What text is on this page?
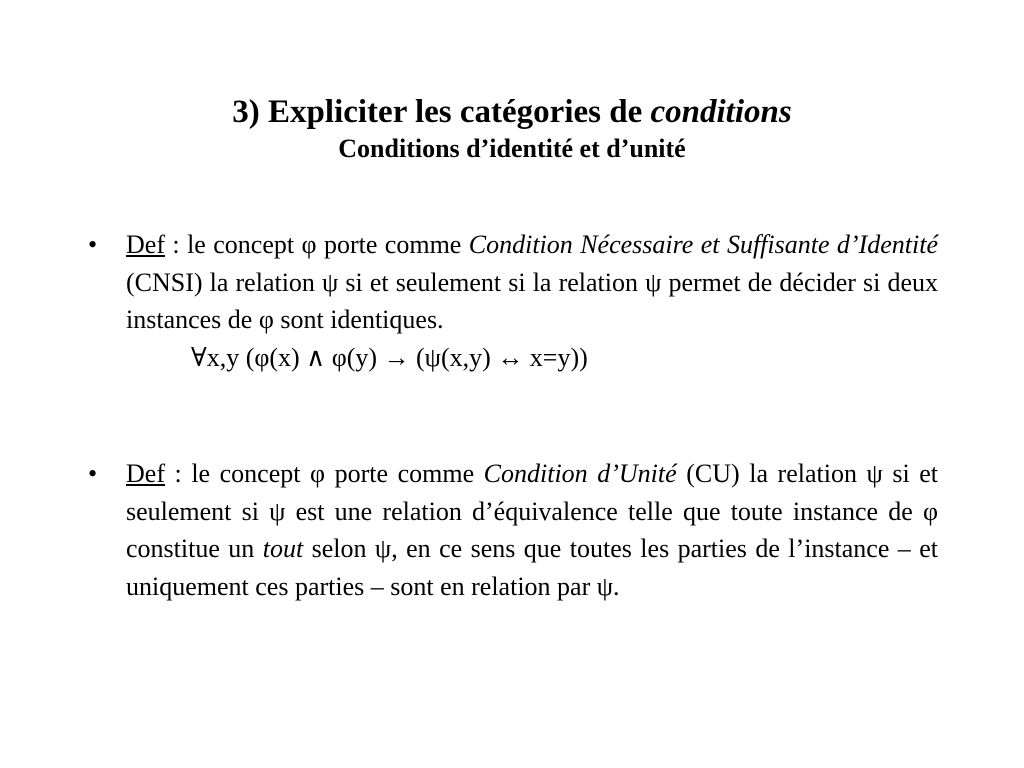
3) Expliciter les catégories de conditions
Conditions d’identité et d’unité
• Def : le concept φ porte comme Condition Nécessaire et Suffisante d’Identité (CNSI) la relation ψ si et seulement si la relation ψ permet de décider si deux instances de φ sont identiques.
∀x,y (φ(x) ∧ φ(y) → (ψ(x,y) ↔ x=y))
• Def : le concept φ porte comme Condition d’Unité (CU) la relation ψ si et seulement si ψ est une relation d’équivalence telle que toute instance de φ constitue un tout selon ψ, en ce sens que toutes les parties de l’instance – et uniquement ces parties – sont en relation par ψ.
